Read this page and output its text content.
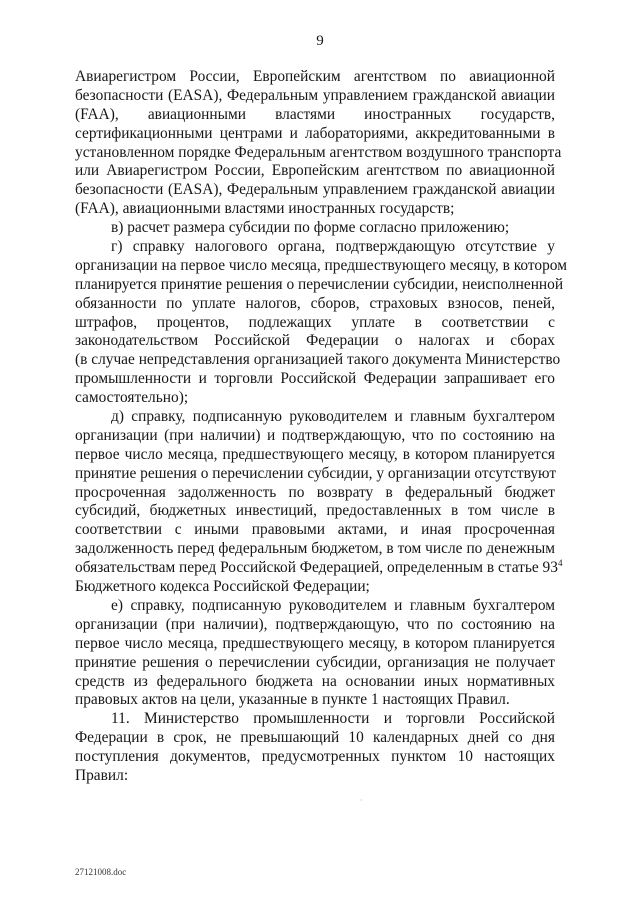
9
Авиарегистром России, Европейским агентством по авиационной
безопасности (EASA), Федеральным управлением гражданской авиации
(FAA), авиационными властями иностранных государств,
сертификационными центрами и лабораториями, аккредитованными в
установленном порядке Федеральным агентством воздушного транспорта
или Авиарегистром России, Европейским агентством по авиационной
безопасности (EASA), Федеральным управлением гражданской авиации
(FAA), авиационными властями иностранных государств;
в) расчет размера субсидии по форме согласно приложению;
г) справку налогового органа, подтверждающую отсутствие у
организации на первое число месяца, предшествующего месяцу, в котором
планируется принятие решения о перечислении субсидии, неисполненной
обязанности по уплате налогов, сборов, страховых взносов, пеней,
штрафов, процентов, подлежащих уплате в соответствии с
законодательством Российской Федерации о налогах и сборах
(в случае непредставления организацией такого документа Министерство
промышленности и торговли Российской Федерации запрашивает его
самостоятельно);
д) справку, подписанную руководителем и главным бухгалтером
организации (при наличии) и подтверждающую, что по состоянию на
первое число месяца, предшествующего месяцу, в котором планируется
принятие решения о перечислении субсидии, у организации отсутствуют
просроченная задолженность по возврату в федеральный бюджет
субсидий, бюджетных инвестиций, предоставленных в том числе в
соответствии с иными правовыми актами, и иная просроченная
задолженность перед федеральным бюджетом, в том числе по денежным
обязательствам перед Российской Федерацией, определенным в статье $93^4$
Бюджетного кодекса Российской Федерации;
е) справку, подписанную руководителем и главным бухгалтером
организации (при наличии), подтверждающую, что по состоянию на
первое число месяца, предшествующего месяцу, в котором планируется
принятие решения о перечислении субсидии, организация не получает
средств из федерального бюджета на основании иных нормативных
правовых актов на цели, указанные в пункте 1 настоящих Правил.
11. Министерство промышленности и торговли Российской
Федерации в срок, не превышающий 10 календарных дней со дня
поступления документов, предусмотренных пунктом 10 настоящих
Правил:
·
27121008.doc
